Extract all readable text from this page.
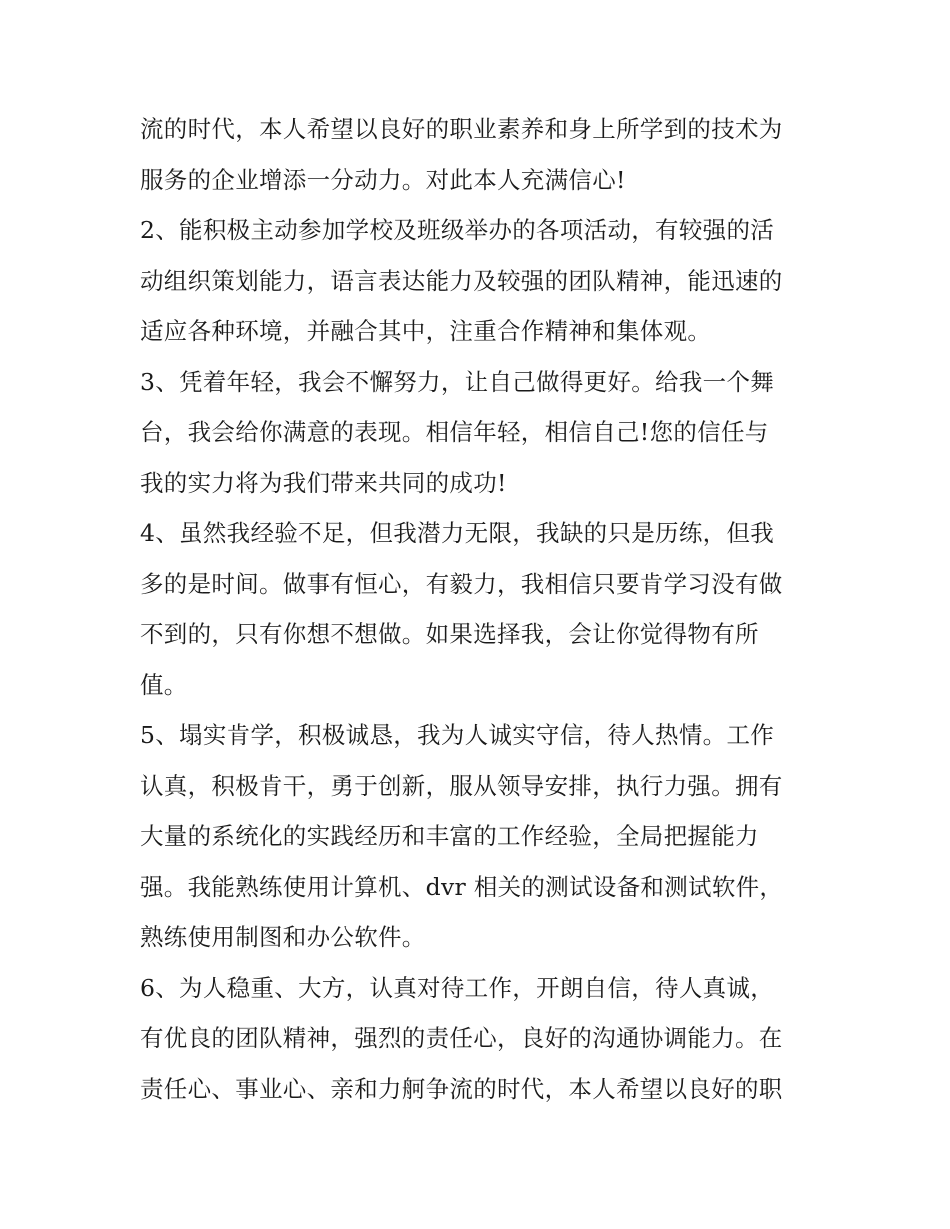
流的时代，本人希望以良好的职业素养和身上所学到的技术为
服务的企业增添一分动力。对此本人充满信心!
2、能积极主动参加学校及班级举办的各项活动，有较强的活
动组织策划能力，语言表达能力及较强的团队精神，能迅速的
适应各种环境，并融合其中，注重合作精神和集体观。
3、凭着年轻，我会不懈努力，让自己做得更好。给我一个舞
台，我会给你满意的表现。相信年轻，相信自己!您的信任与
我的实力将为我们带来共同的成功!
4、虽然我经验不足，但我潜力无限，我缺的只是历练，但我
多的是时间。做事有恒心，有毅力，我相信只要肯学习没有做
不到的，只有你想不想做。如果选择我，会让你觉得物有所
值。
5、塌实肯学，积极诚恳，我为人诚实守信，待人热情。工作
认真，积极肯干，勇于创新，服从领导安排，执行力强。拥有
大量的系统化的实践经历和丰富的工作经验，全局把握能力
强。我能熟练使用计算机、dvr 相关的测试设备和测试软件，
熟练使用制图和办公软件。
6、为人稳重、大方，认真对待工作，开朗自信，待人真诚，
有优良的团队精神，强烈的责任心，良好的沟通协调能力。在
责任心、事业心、亲和力舸争流的时代，本人希望以良好的职
